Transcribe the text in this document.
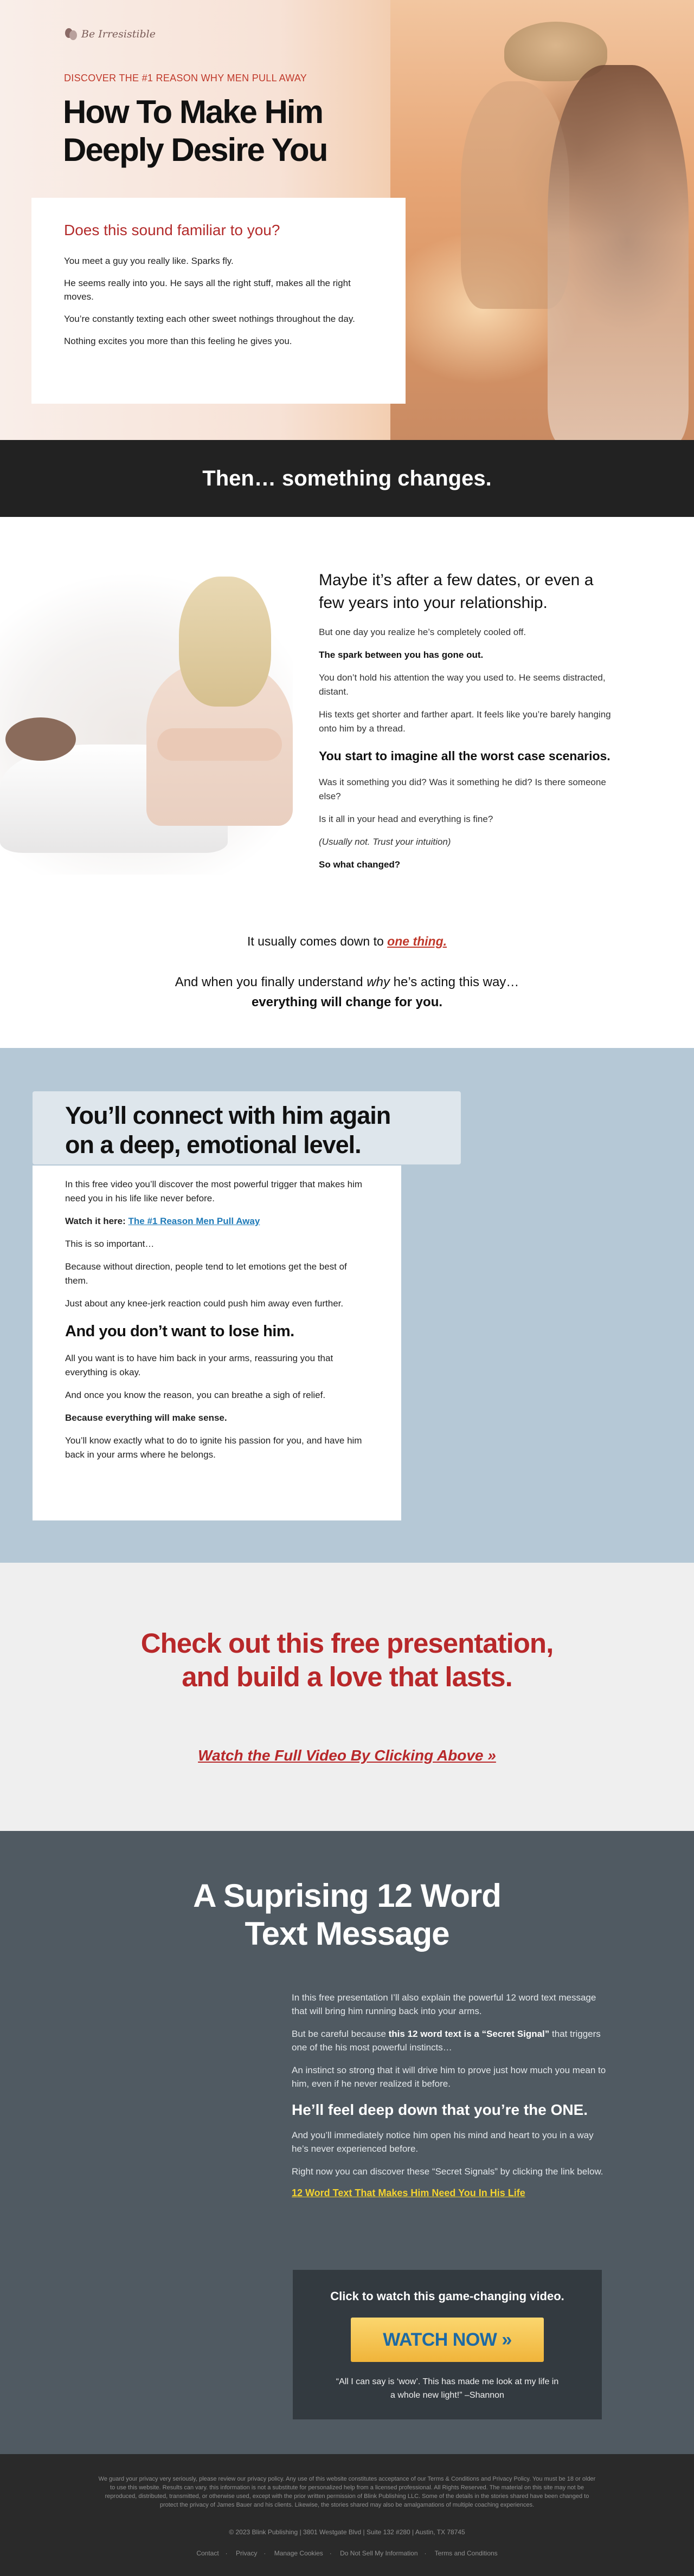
Be Irresistible
DISCOVER THE #1 REASON WHY MEN PULL AWAY
How To Make Him Deeply Desire You
Does this sound familiar to you?

You meet a guy you really like. Sparks fly.

He seems really into you. He says all the right stuff, makes all the right moves.

You’re constantly texting each other sweet nothings throughout the day.

Nothing excites you more than this feeling he gives you.

Then… something changes.
Maybe it’s after a few dates, or even a few years into your relationship.

But one day you realize he’s completely cooled off.

The spark between you has gone out.

You don’t hold his attention the way you used to. He seems distracted, distant.

His texts get shorter and farther apart. It feels like you’re barely hanging onto him by a thread.

You start to imagine all the worst case scenarios.

Was it something you did? Was it something he did? Is there someone else?

Is it all in your head and everything is fine?

(Usually not. Trust your intuition)

So what changed?

It usually comes down to one thing.
And when you finally understand why he’s acting this way…
everything will change for you.
You’ll connect with him again on a deep, emotional level.

In this free video you’ll discover the most powerful trigger that makes him need you in his life like never before.

Watch it here: The #1 Reason Men Pull Away

This is so important…

Because without direction, people tend to let emotions get the best of them.

Just about any knee-jerk reaction could push him away even further.

And you don’t want to lose him.

All you want is to have him back in your arms, reassuring you that everything is okay.

And once you know the reason, you can breathe a sigh of relief.

Because everything will make sense.

You’ll know exactly what to do to ignite his passion for you, and have him back in your arms where he belongs.

Check out this free presentation, and build a love that lasts.
Watch the Full Video By Clicking Above »
A Suprising 12 Word Text Message

In this free presentation I’ll also explain the powerful 12 word text message that will bring him running back into your arms.

But be careful because this 12 word text is a “Secret Signal” that triggers one of the his most powerful instincts…

An instinct so strong that it will drive him to prove just how much you mean to him, even if he never realized it before.

He’ll feel deep down that you’re the ONE.

And you’ll immediately notice him open his mind and heart to you in a way he’s never experienced before.

Right now you can discover these “Secret Signals” by clicking the link below.

12 Word Text That Makes Him Need You In His Life
Click to watch this game-changing video.
WATCH NOW »
“All I can say is ‘wow’. This has made me look at my life in a whole new light!” –Shannon
We guard your privacy very seriously, please review our privacy policy. Any use of this website constitutes acceptance of our Terms & Conditions and Privacy Policy. You must be 18 or older to use this website. Results can vary. this information is not a substitute for personalized help from a licensed professional. All Rights Reserved. The material on this site may not be reproduced, distributed, transmitted, or otherwise used, except with the prior written permission of Blink Publishing LLC. Some of the details in the stories shared have been changed to protect the privacy of James Bauer and his clients. Likewise, the stories shared may also be amalgamations of multiple coaching experiences.
© 2023 Blink Publishing | 3801 Westgate Blvd | Suite 132 #280 | Austin, TX 78745
Contact · Privacy · Manage Cookies · Do Not Sell My Information · Terms and Conditions
